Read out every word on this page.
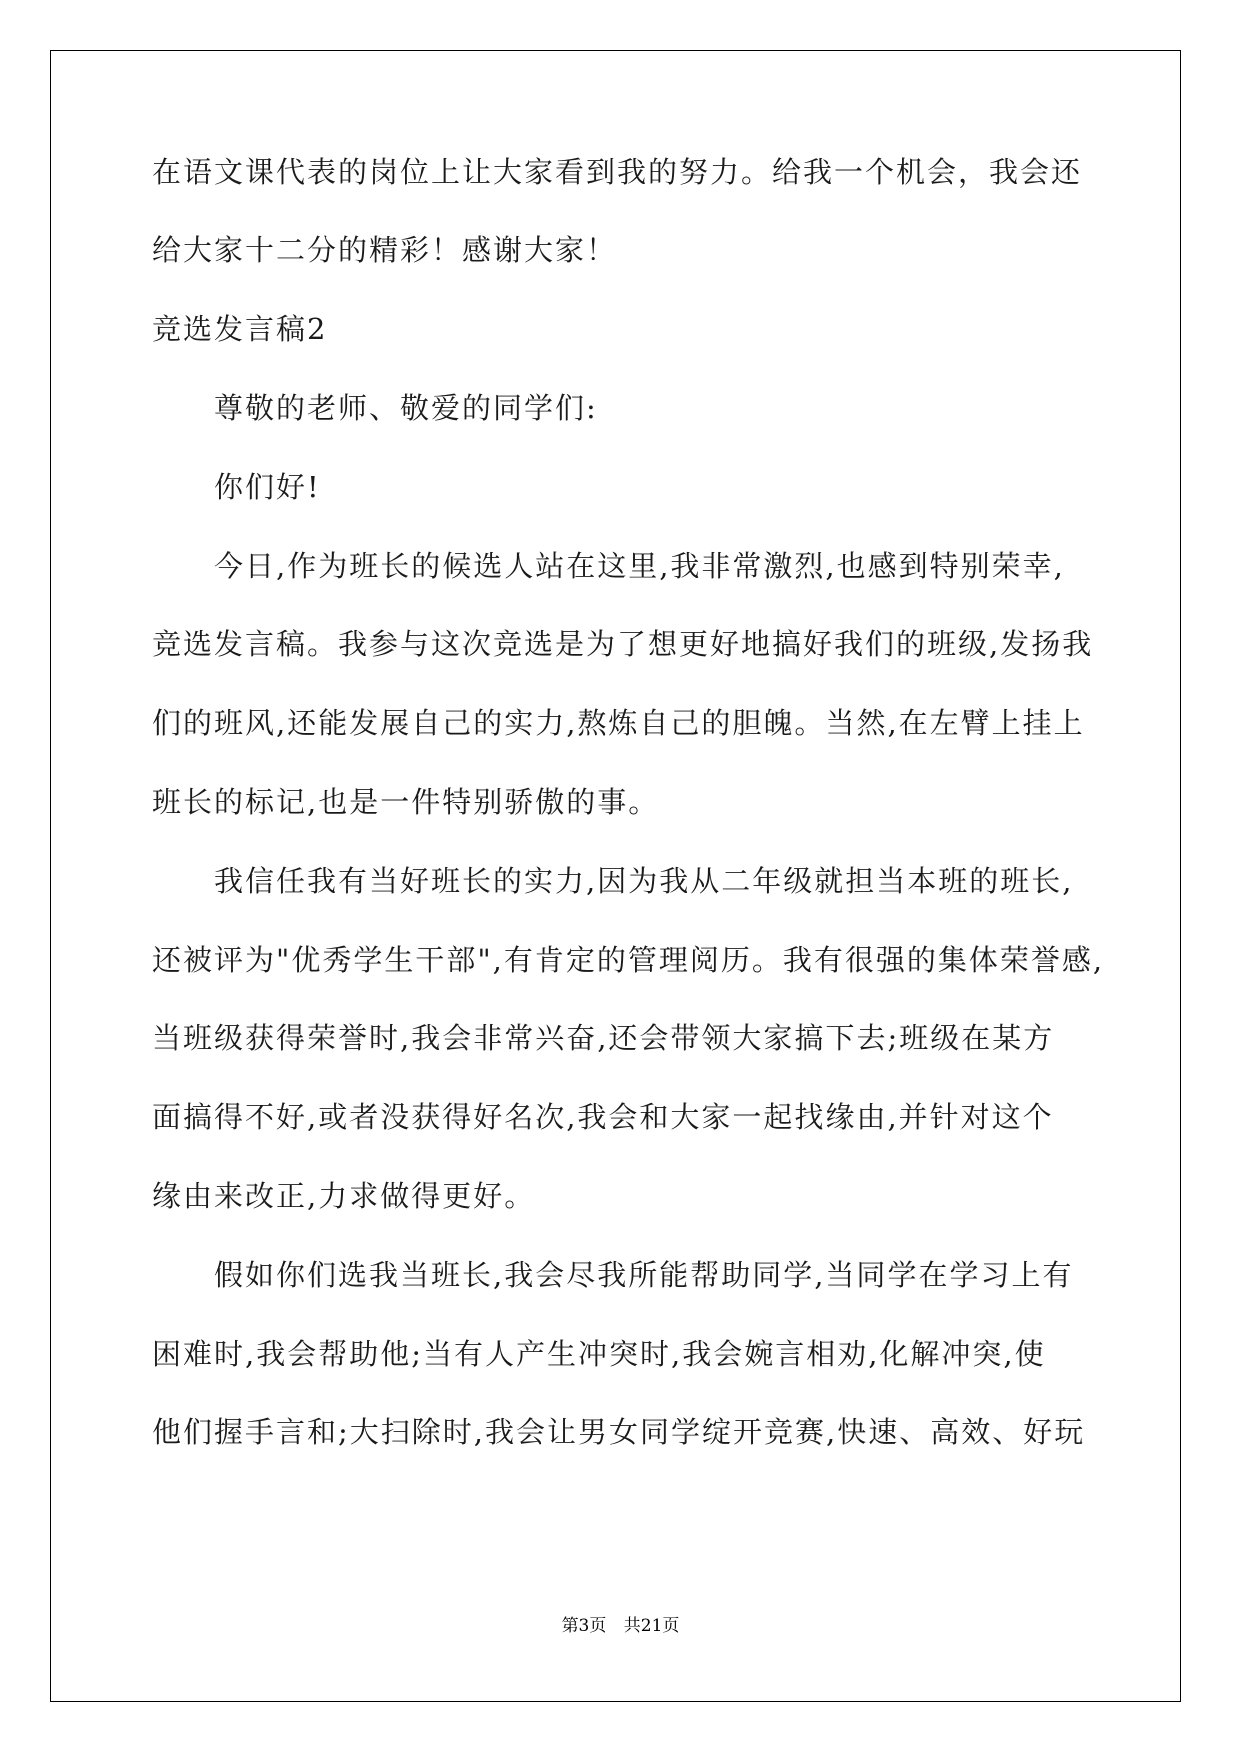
在语文课代表的岗位上让大家看到我的努力。给我一个机会，我会还
给大家十二分的精彩！感谢大家！
竞选发言稿2
尊敬的老师、敬爱的同学们:
你们好!
今日,作为班长的候选人站在这里,我非常激烈,也感到特别荣幸,
竞选发言稿。我参与这次竞选是为了想更好地搞好我们的班级,发扬我
们的班风,还能发展自己的实力,熬炼自己的胆魄。当然,在左臂上挂上
班长的标记,也是一件特别骄傲的事。
我信任我有当好班长的实力,因为我从二年级就担当本班的班长,
还被评为"优秀学生干部",有肯定的管理阅历。我有很强的集体荣誉感,
当班级获得荣誉时,我会非常兴奋,还会带领大家搞下去;班级在某方
面搞得不好,或者没获得好名次,我会和大家一起找缘由,并针对这个
缘由来改正,力求做得更好。
假如你们选我当班长,我会尽我所能帮助同学,当同学在学习上有
困难时,我会帮助他;当有人产生冲突时,我会婉言相劝,化解冲突,使
他们握手言和;大扫除时,我会让男女同学绽开竞赛,快速、高效、好玩
第3页 共21页
